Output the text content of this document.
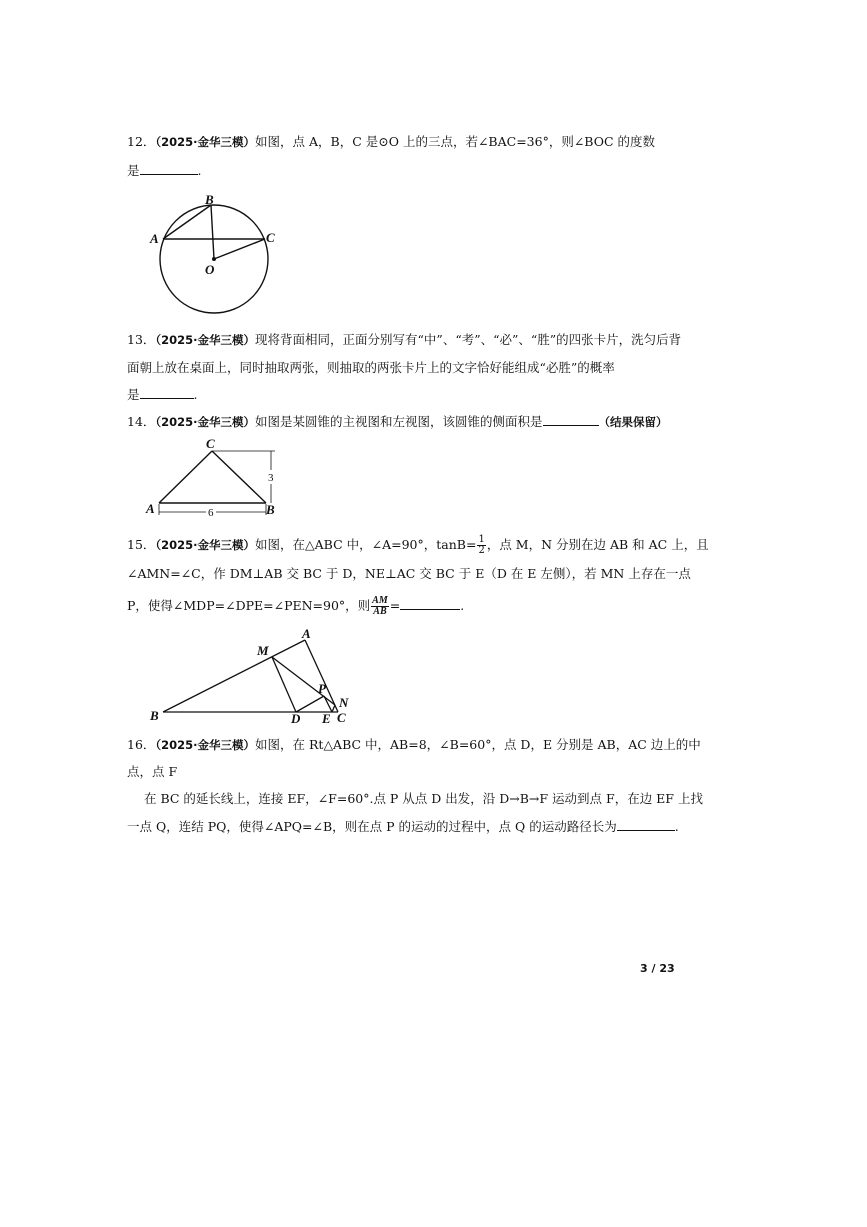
12．（2025·金华三模）如图，点 A，B，C 是⊙O 上的三点，若∠BAC=36°，则∠BOC 的度数
是	.
A
B
C
O
13．（2025·金华三模）现将背面相同，正面分别写有“中”、“考”、“必”、“胜”的四张卡片，洗匀后背
面朝上放在桌面上，同时抽取两张，则抽取的两张卡片上的文字恰好能组成“必胜”的概率
是	.
14．（2025·金华三模）如图是某圆锥的主视图和左视图，该圆锥的侧面积是	（结果保留）
3
6
C
A	B
15．（2025·金华三模）如图，在△ABC 中，∠A=90°，$\tan B= \frac{1}{2}$ ，点 M，N 分别在边 AB 和 AC 上，且
∠AMN=∠C，作 DM⊥AB 交 BC 于 D，NE⊥AC 交 BC 于 E（D 在 E 左侧），若 MN 上存在一点
P，使得∠MDP=∠DPE=∠PEN=90°，则 $\frac{AM}{AB}$ =	.
A
M
B
P
N
D E C
16．（2025·金华三模）如图，在 Rt△ABC 中，AB=8，∠B=60°，点 D，E 分别是 AB，AC 边上的中
点，点 F
在 BC 的延长线上，连接 EF，∠F=60°.点 P 从点 D 出发，沿 D→B→F 运动到点 F，在边 EF 上找
一点 Q，连结 PQ，使得∠APQ=∠B，则在点 P 的运动的过程中，点 Q 的运动路径长为	.
3 / 23
